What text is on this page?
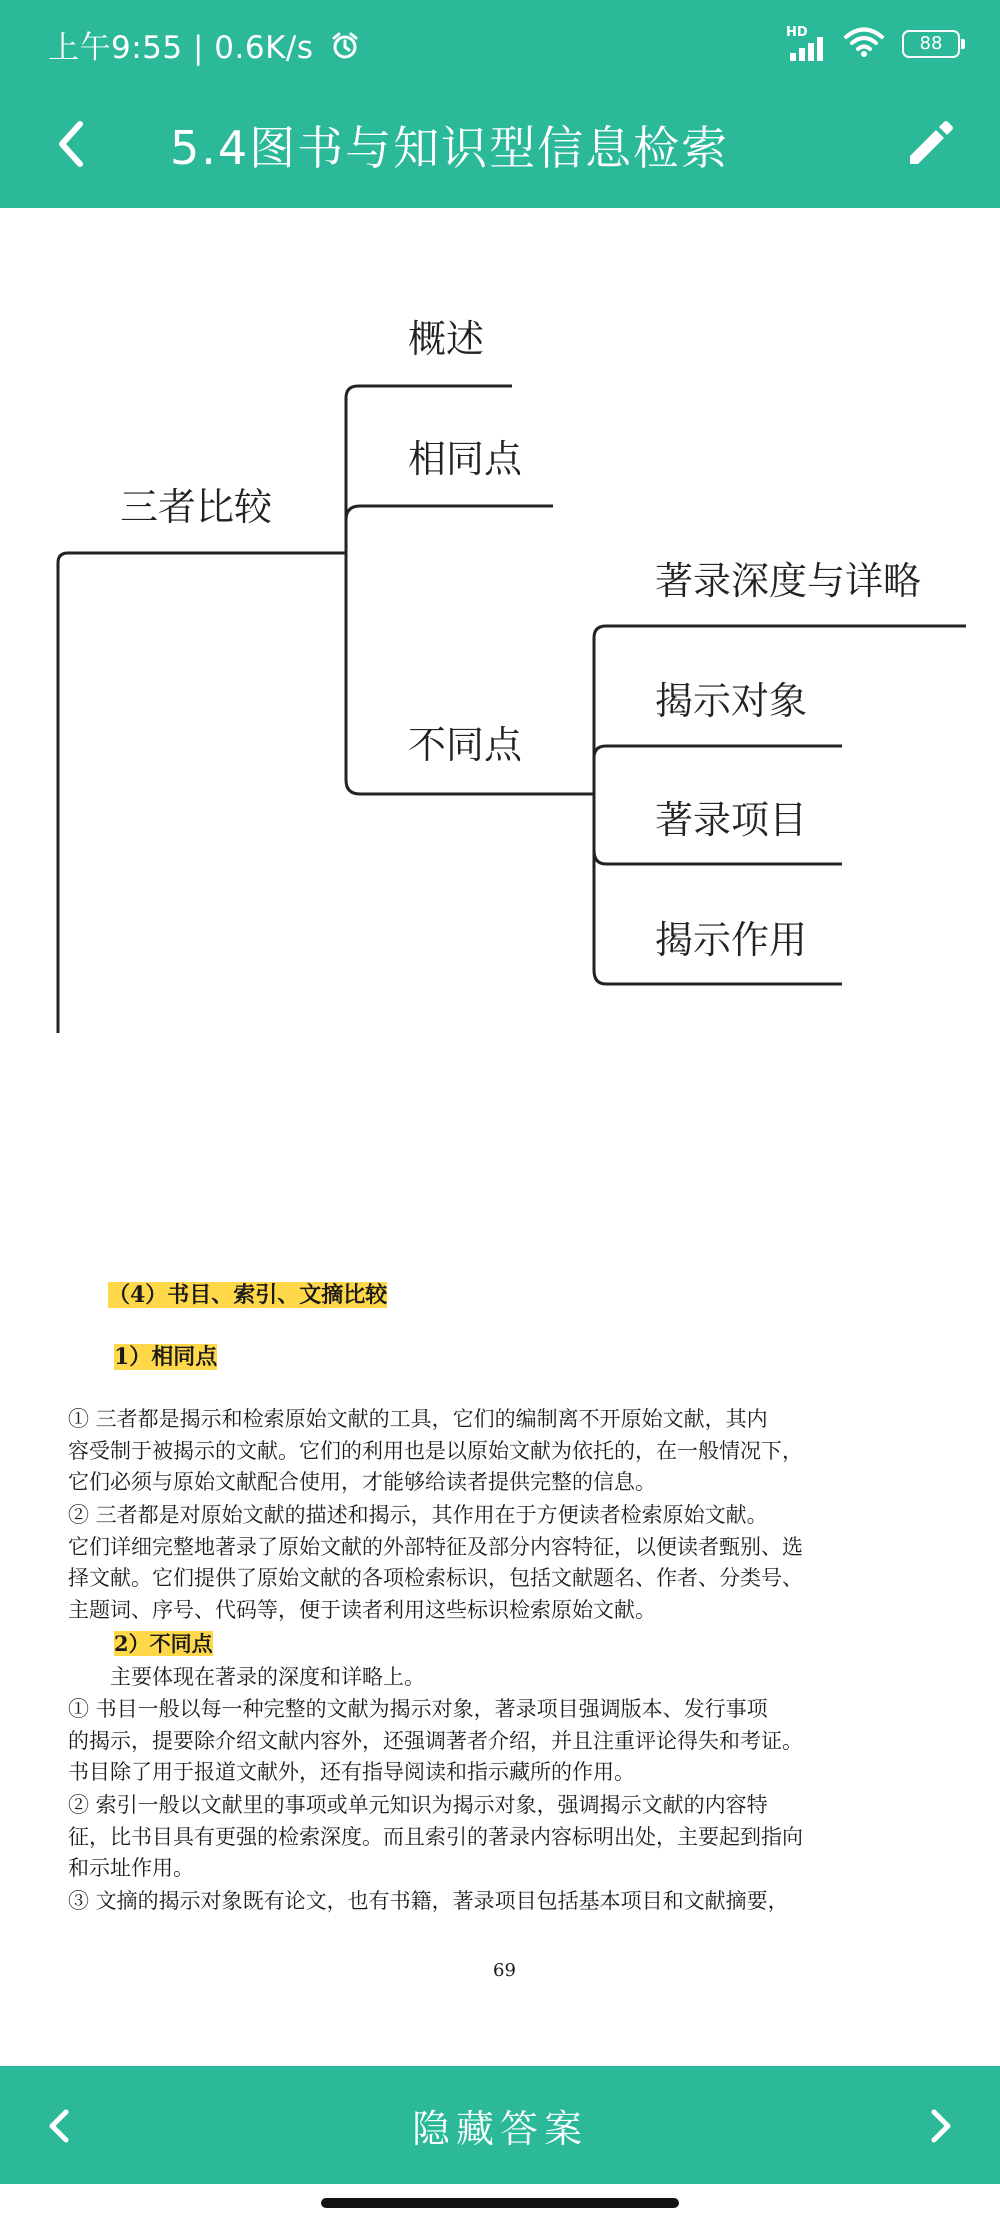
上午9:55 | 0.6K/s	HD
88
5.4图书与知识型信息检索
三者比较
概述
相同点
不同点
著录深度与详略
揭示对象
著录项目
揭示作用
（4）书目、索引、文摘比较
1）相同点
① 三者都是揭示和检索原始文献的工具，它们的编制离不开原始文献，其内
容受制于被揭示的文献。它们的利用也是以原始文献为依托的，在一般情况下，
它们必须与原始文献配合使用，才能够给读者提供完整的信息。
② 三者都是对原始文献的描述和揭示，其作用在于方便读者检索原始文献。
它们详细完整地著录了原始文献的外部特征及部分内容特征，以便读者甄别、选
择文献。它们提供了原始文献的各项检索标识，包括文献题名、作者、分类号、
主题词、序号、代码等，便于读者利用这些标识检索原始文献。
2）不同点
主要体现在著录的深度和详略上。
① 书目一般以每一种完整的文献为揭示对象，著录项目强调版本、发行事项
的揭示，提要除介绍文献内容外，还强调著者介绍，并且注重评论得失和考证。
书目除了用于报道文献外，还有指导阅读和指示藏所的作用。
② 索引一般以文献里的事项或单元知识为揭示对象，强调揭示文献的内容特
征，比书目具有更强的检索深度。而且索引的著录内容标明出处，主要起到指向
和示址作用。
③ 文摘的揭示对象既有论文，也有书籍，著录项目包括基本项目和文献摘要，
69
隐藏答案
